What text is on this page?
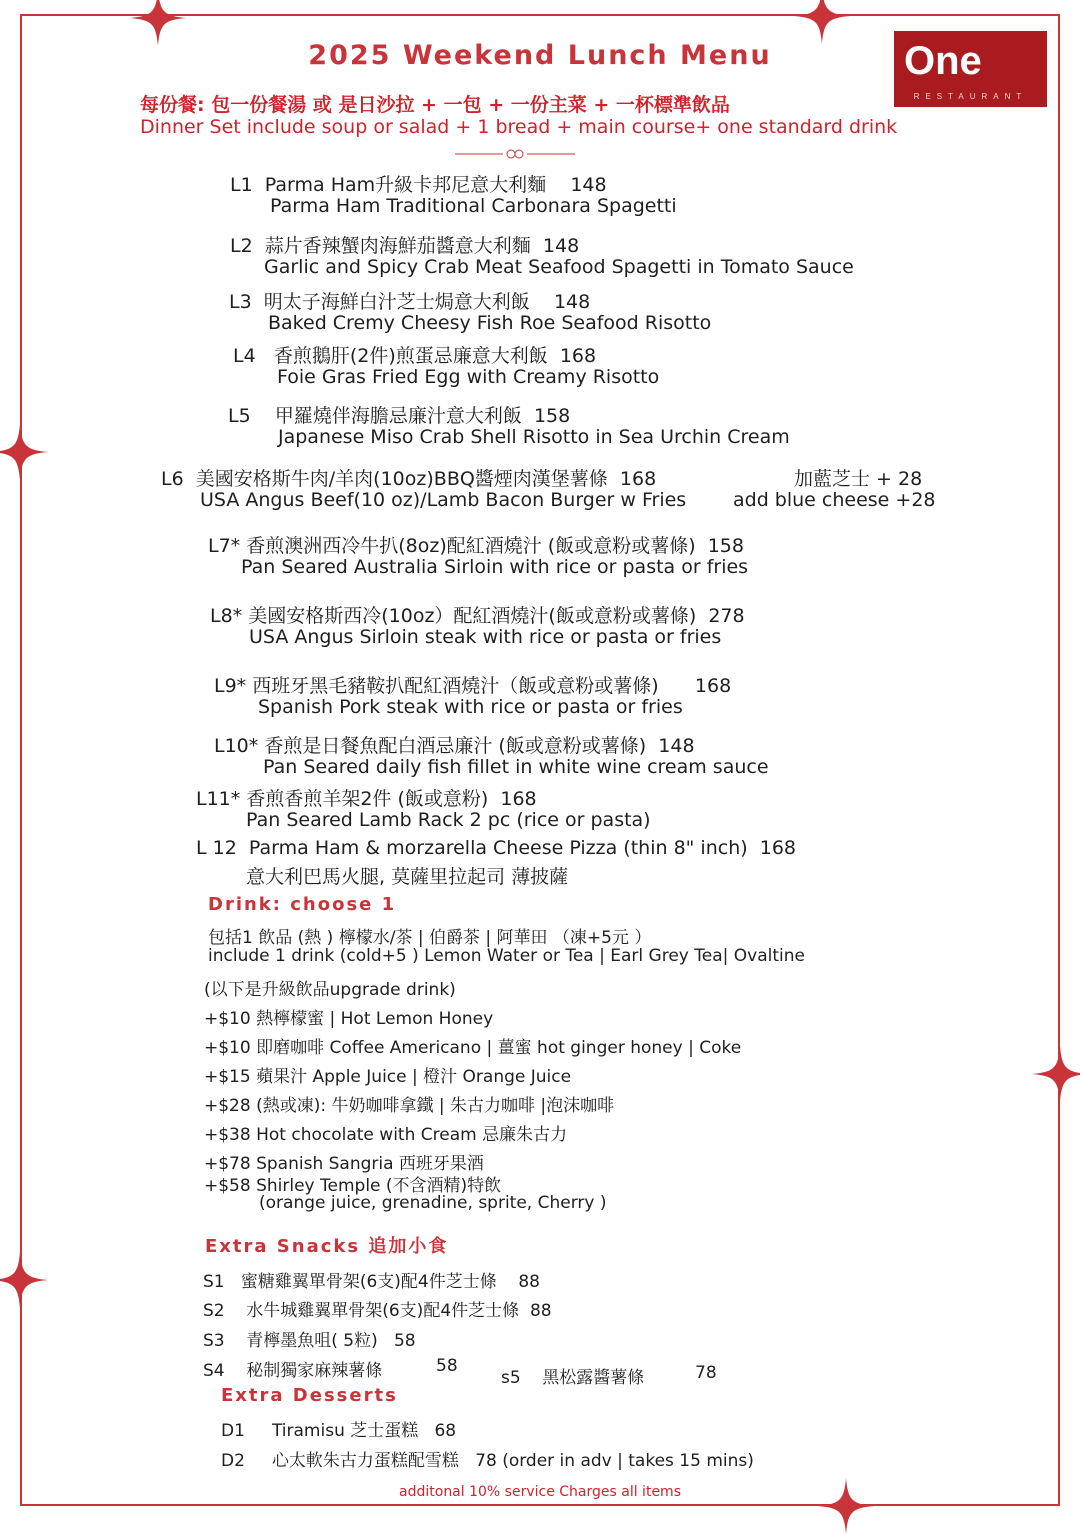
2025 Weekend Lunch Menu	One
RESTAURANT
每份餐: 包一份餐湯 或 是日沙拉 + 一包 + 一份主菜 + 一杯標準飲品
Dinner Set include soup or salad + 1 bread + main course+ one standard drink
L1 Parma Ham升級卡邦尼意大利麵 148
Parma Ham Traditional Carbonara Spagetti
L2 蒜片香辣蟹肉海鮮茄醬意大利麵 148
Garlic and Spicy Crab Meat Seafood Spagetti in Tomato Sauce
L3 明太子海鮮白汁芝士焗意大利飯 148
Baked Cremy Cheesy Fish Roe Seafood Risotto
L4 香煎鵝肝(2件)煎蛋忌廉意大利飯 168
Foie Gras Fried Egg with Creamy Risotto
L5 甲羅燒伴海膽忌廉汁意大利飯 158
Japanese Miso Crab Shell Risotto in Sea Urchin Cream
L6 美國安格斯牛肉/羊肉(10oz)BBQ醬煙肉漢堡薯條 168
USA Angus Beef(10 oz)/Lamb Bacon Burger w Fries
加藍芝士 + 28
add blue cheese +28
L7* 香煎澳洲西冷牛扒(8oz)配紅酒燒汁 (飯或意粉或薯條) 158
Pan Seared Australia Sirloin with rice or pasta or fries
L8* 美國安格斯西冷(10oz）配紅酒燒汁(飯或意粉或薯條) 278
USA Angus Sirloin steak with rice or pasta or fries
L9* 西班牙黑毛豬鞍扒配紅酒燒汁（飯或意粉或薯條) 168
Spanish Pork steak with rice or pasta or fries
L10* 香煎是日餐魚配白酒忌廉汁 (飯或意粉或薯條) 148
Pan Seared daily fish fillet in white wine cream sauce
L11* 香煎香煎羊架2件 (飯或意粉) 168
Pan Seared Lamb Rack 2 pc (rice or pasta)
L 12 Parma Ham & morzarella Cheese Pizza (thin 8" inch) 168
意大利巴馬火腿, 莫薩里拉起司 薄披薩
Drink: choose 1
包括1 飲品 (熱 ) 檸檬水/茶 | 伯爵茶 | 阿華田 （凍+5元 ）
include 1 drink (cold+5 ) Lemon Water or Tea | Earl Grey Tea| Ovaltine
(以下是升級飲品upgrade drink)
+$10 熱檸檬蜜 | Hot Lemon Honey
+$10 即磨咖啡 Coffee Americano | 薑蜜 hot ginger honey | Coke
+$15 蘋果汁 Apple Juice | 橙汁 Orange Juice
+$28 (熱或凍): 牛奶咖啡拿鐵 | 朱古力咖啡 |泡沫咖啡
+$38 Hot chocolate with Cream 忌廉朱古力
+$78 Spanish Sangria 西班牙果酒
+$58 Shirley Temple (不含酒精)特飲
(orange juice, grenadine, sprite, Cherry )
Extra Snacks 追加小食
S1 蜜糖雞翼單骨架(6支)配4件芝士條 88
S2 水牛城雞翼單骨架(6支)配4件芝士條 88
S3 青檸墨魚咀( 5粒) 58
S4 秘制獨家麻辣薯條	58
s5 黑松露醬薯條	78
Extra Desserts
D1 Tiramisu 芝士蛋糕 68
D2 心太軟朱古力蛋糕配雪糕 78 (order in adv | takes 15 mins)
additonal 10% service Charges all items
